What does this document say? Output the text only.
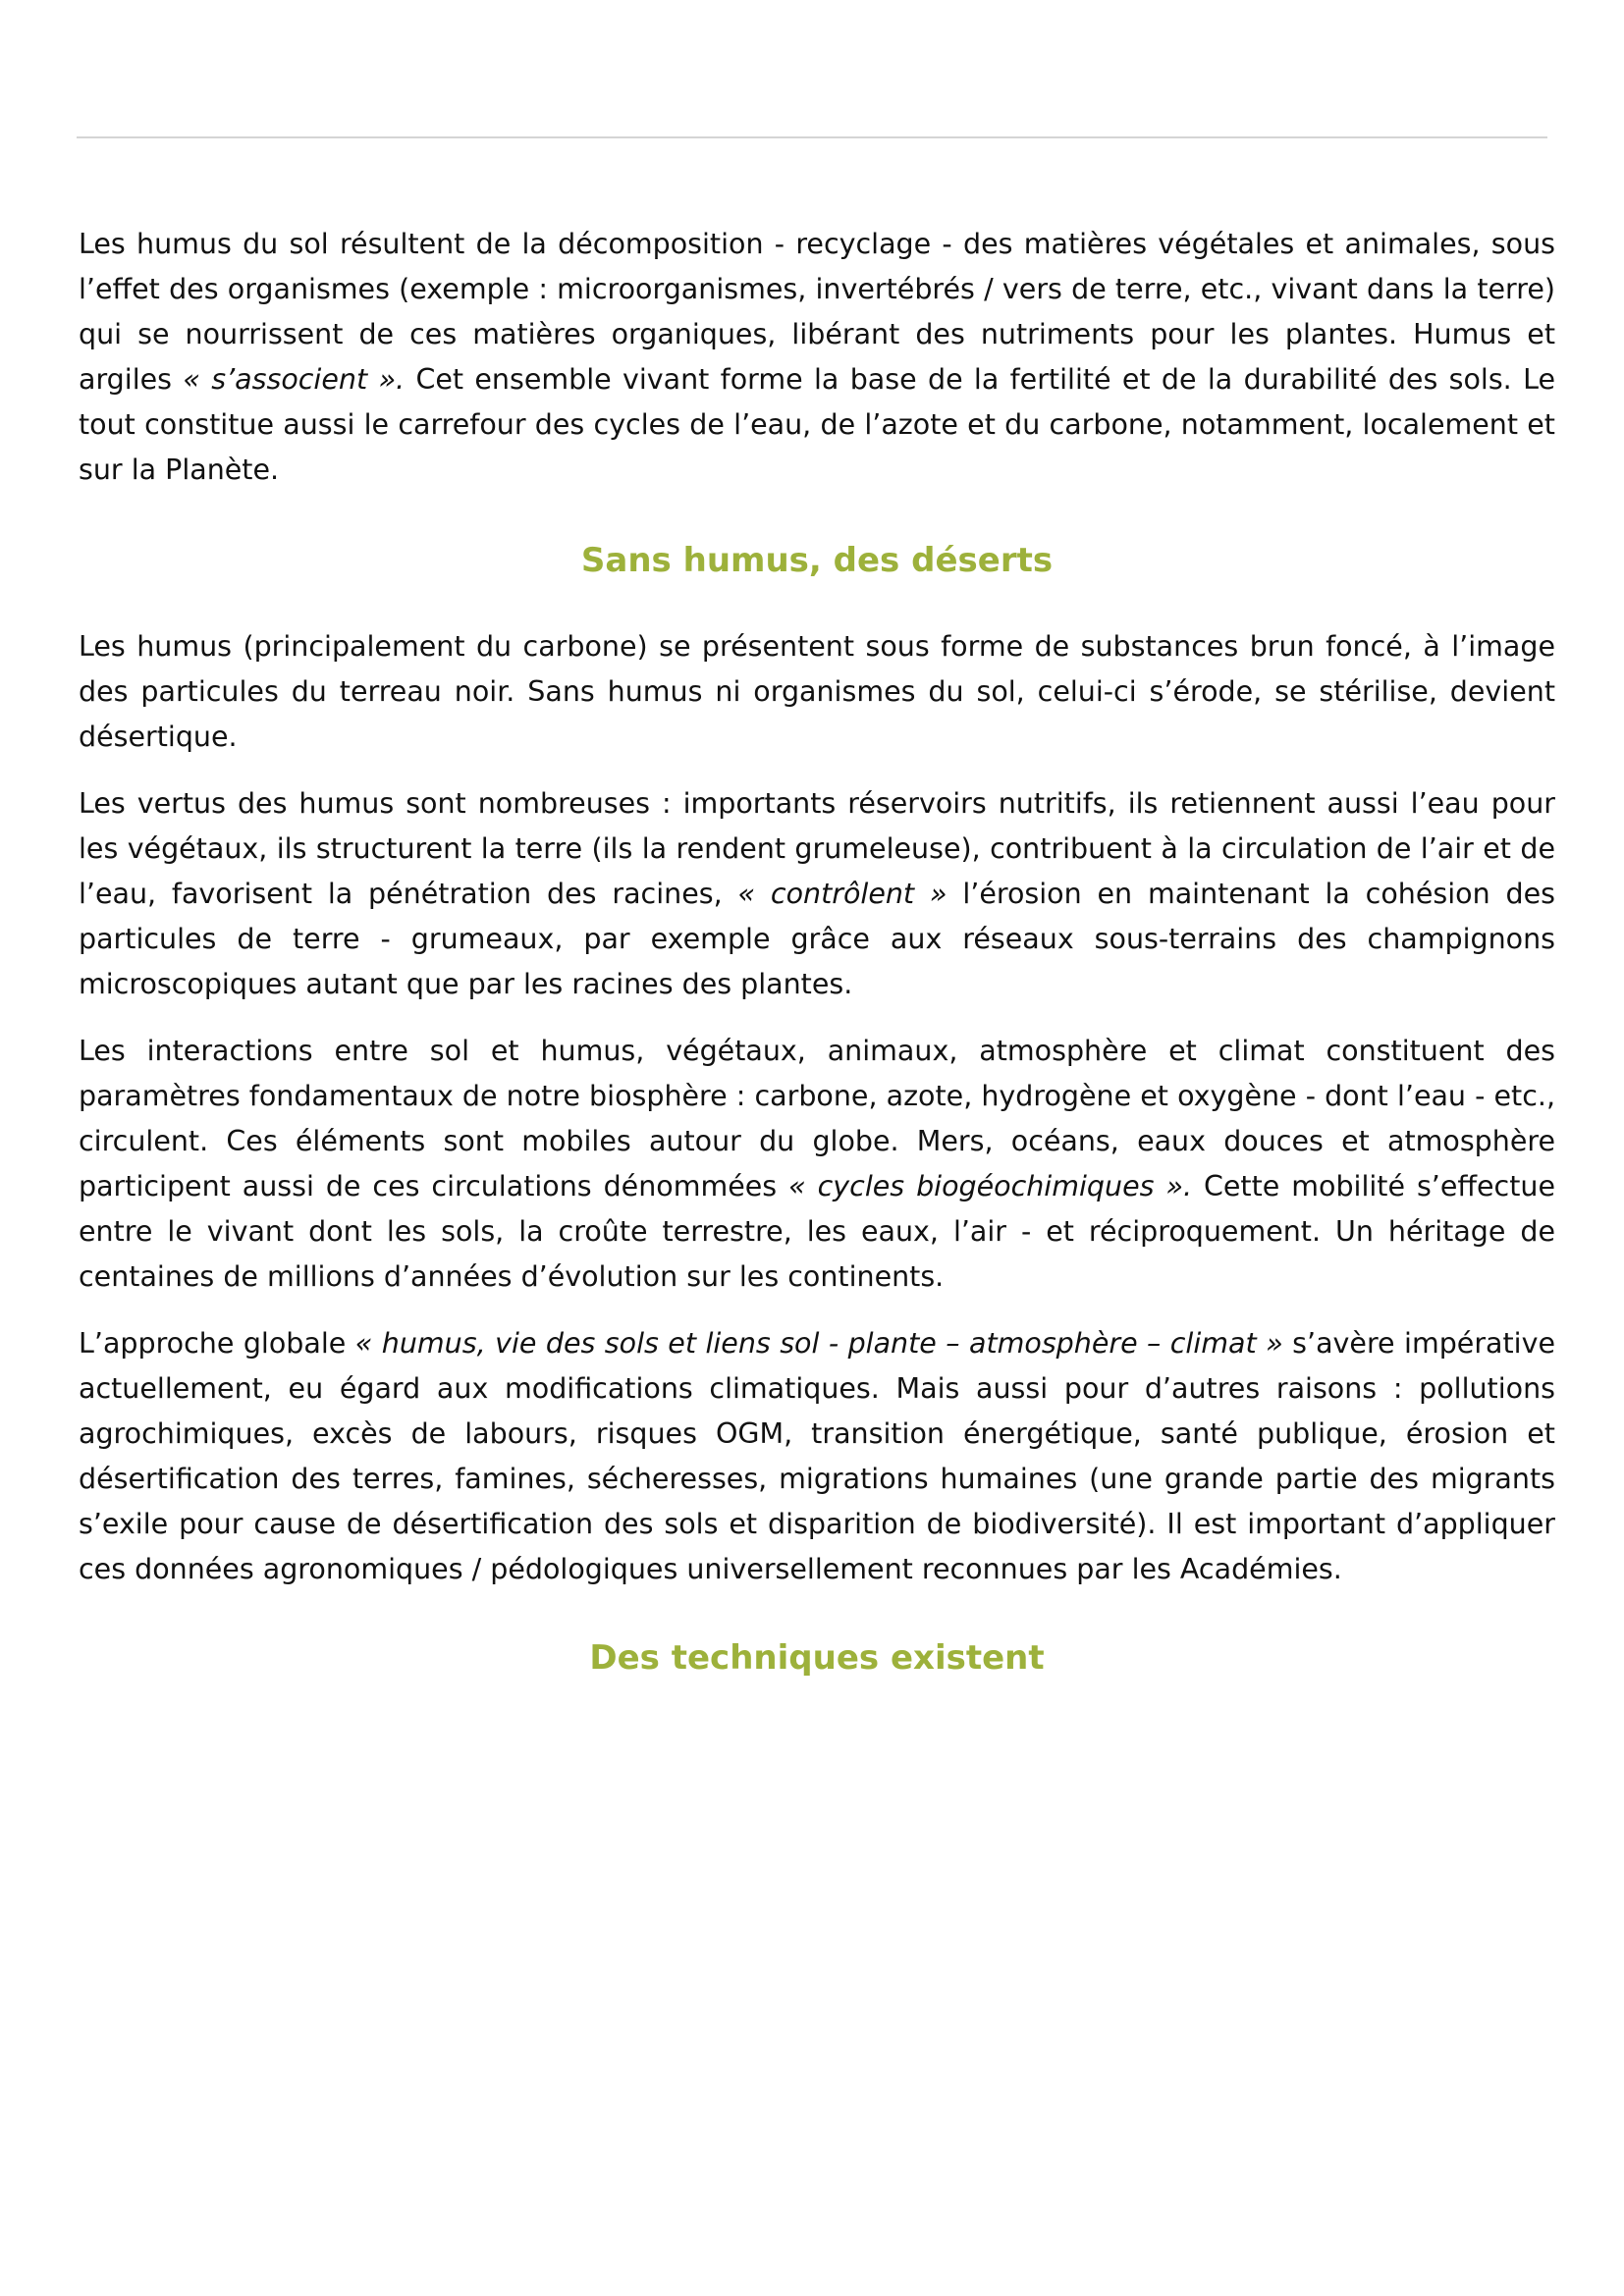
Les humus du sol résultent de la décomposition - recyclage - des matières végétales et animales, sous l’effet des organismes (exemple : microorganismes, invertébrés / vers de terre, etc., vivant dans la terre) qui se nourrissent de ces matières organiques, libérant des nutriments pour les plantes. Humus et argiles « s’associent ». Cet ensemble vivant forme la base de la fertilité et de la durabilité des sols. Le tout constitue aussi le carrefour des cycles de l’eau, de l’azote et du carbone, notamment, localement et sur la Planète.

Sans humus, des déserts

Les humus (principalement du carbone) se présentent sous forme de substances brun foncé, à l’image des particules du terreau noir. Sans humus ni organismes du sol, celui-ci s’érode, se stérilise, devient désertique.

Les vertus des humus sont nombreuses : importants réservoirs nutritifs, ils retiennent aussi l’eau pour les végétaux, ils structurent la terre (ils la rendent grumeleuse), contribuent à la circulation de l’air et de l’eau, favorisent la pénétration des racines, « contrôlent » l’érosion en maintenant la cohésion des particules de terre - grumeaux, par exemple grâce aux réseaux sous-terrains des champignons microscopiques autant que par les racines des plantes.

Les interactions entre sol et humus, végétaux, animaux, atmosphère et climat constituent des paramètres fondamentaux de notre biosphère : carbone, azote, hydrogène et oxygène - dont l’eau - etc., circulent. Ces éléments sont mobiles autour du globe. Mers, océans, eaux douces et atmosphère participent aussi de ces circulations dénommées « cycles biogéochimiques ». Cette mobilité s’effectue entre le vivant dont les sols, la croûte terrestre, les eaux, l’air - et réciproquement. Un héritage de centaines de millions d’années d’évolution sur les continents.

L’approche globale « humus, vie des sols et liens sol - plante – atmosphère – climat » s’avère impérative actuellement, eu égard aux modifications climatiques. Mais aussi pour d’autres raisons : pollutions agrochimiques, excès de labours, risques OGM, transition énergétique, santé publique, érosion et désertification des terres, famines, sécheresses, migrations humaines (une grande partie des migrants s’exile pour cause de désertification des sols et disparition de biodiversité). Il est important d’appliquer ces données agronomiques / pédologiques universellement reconnues par les Académies.

Des techniques existent
